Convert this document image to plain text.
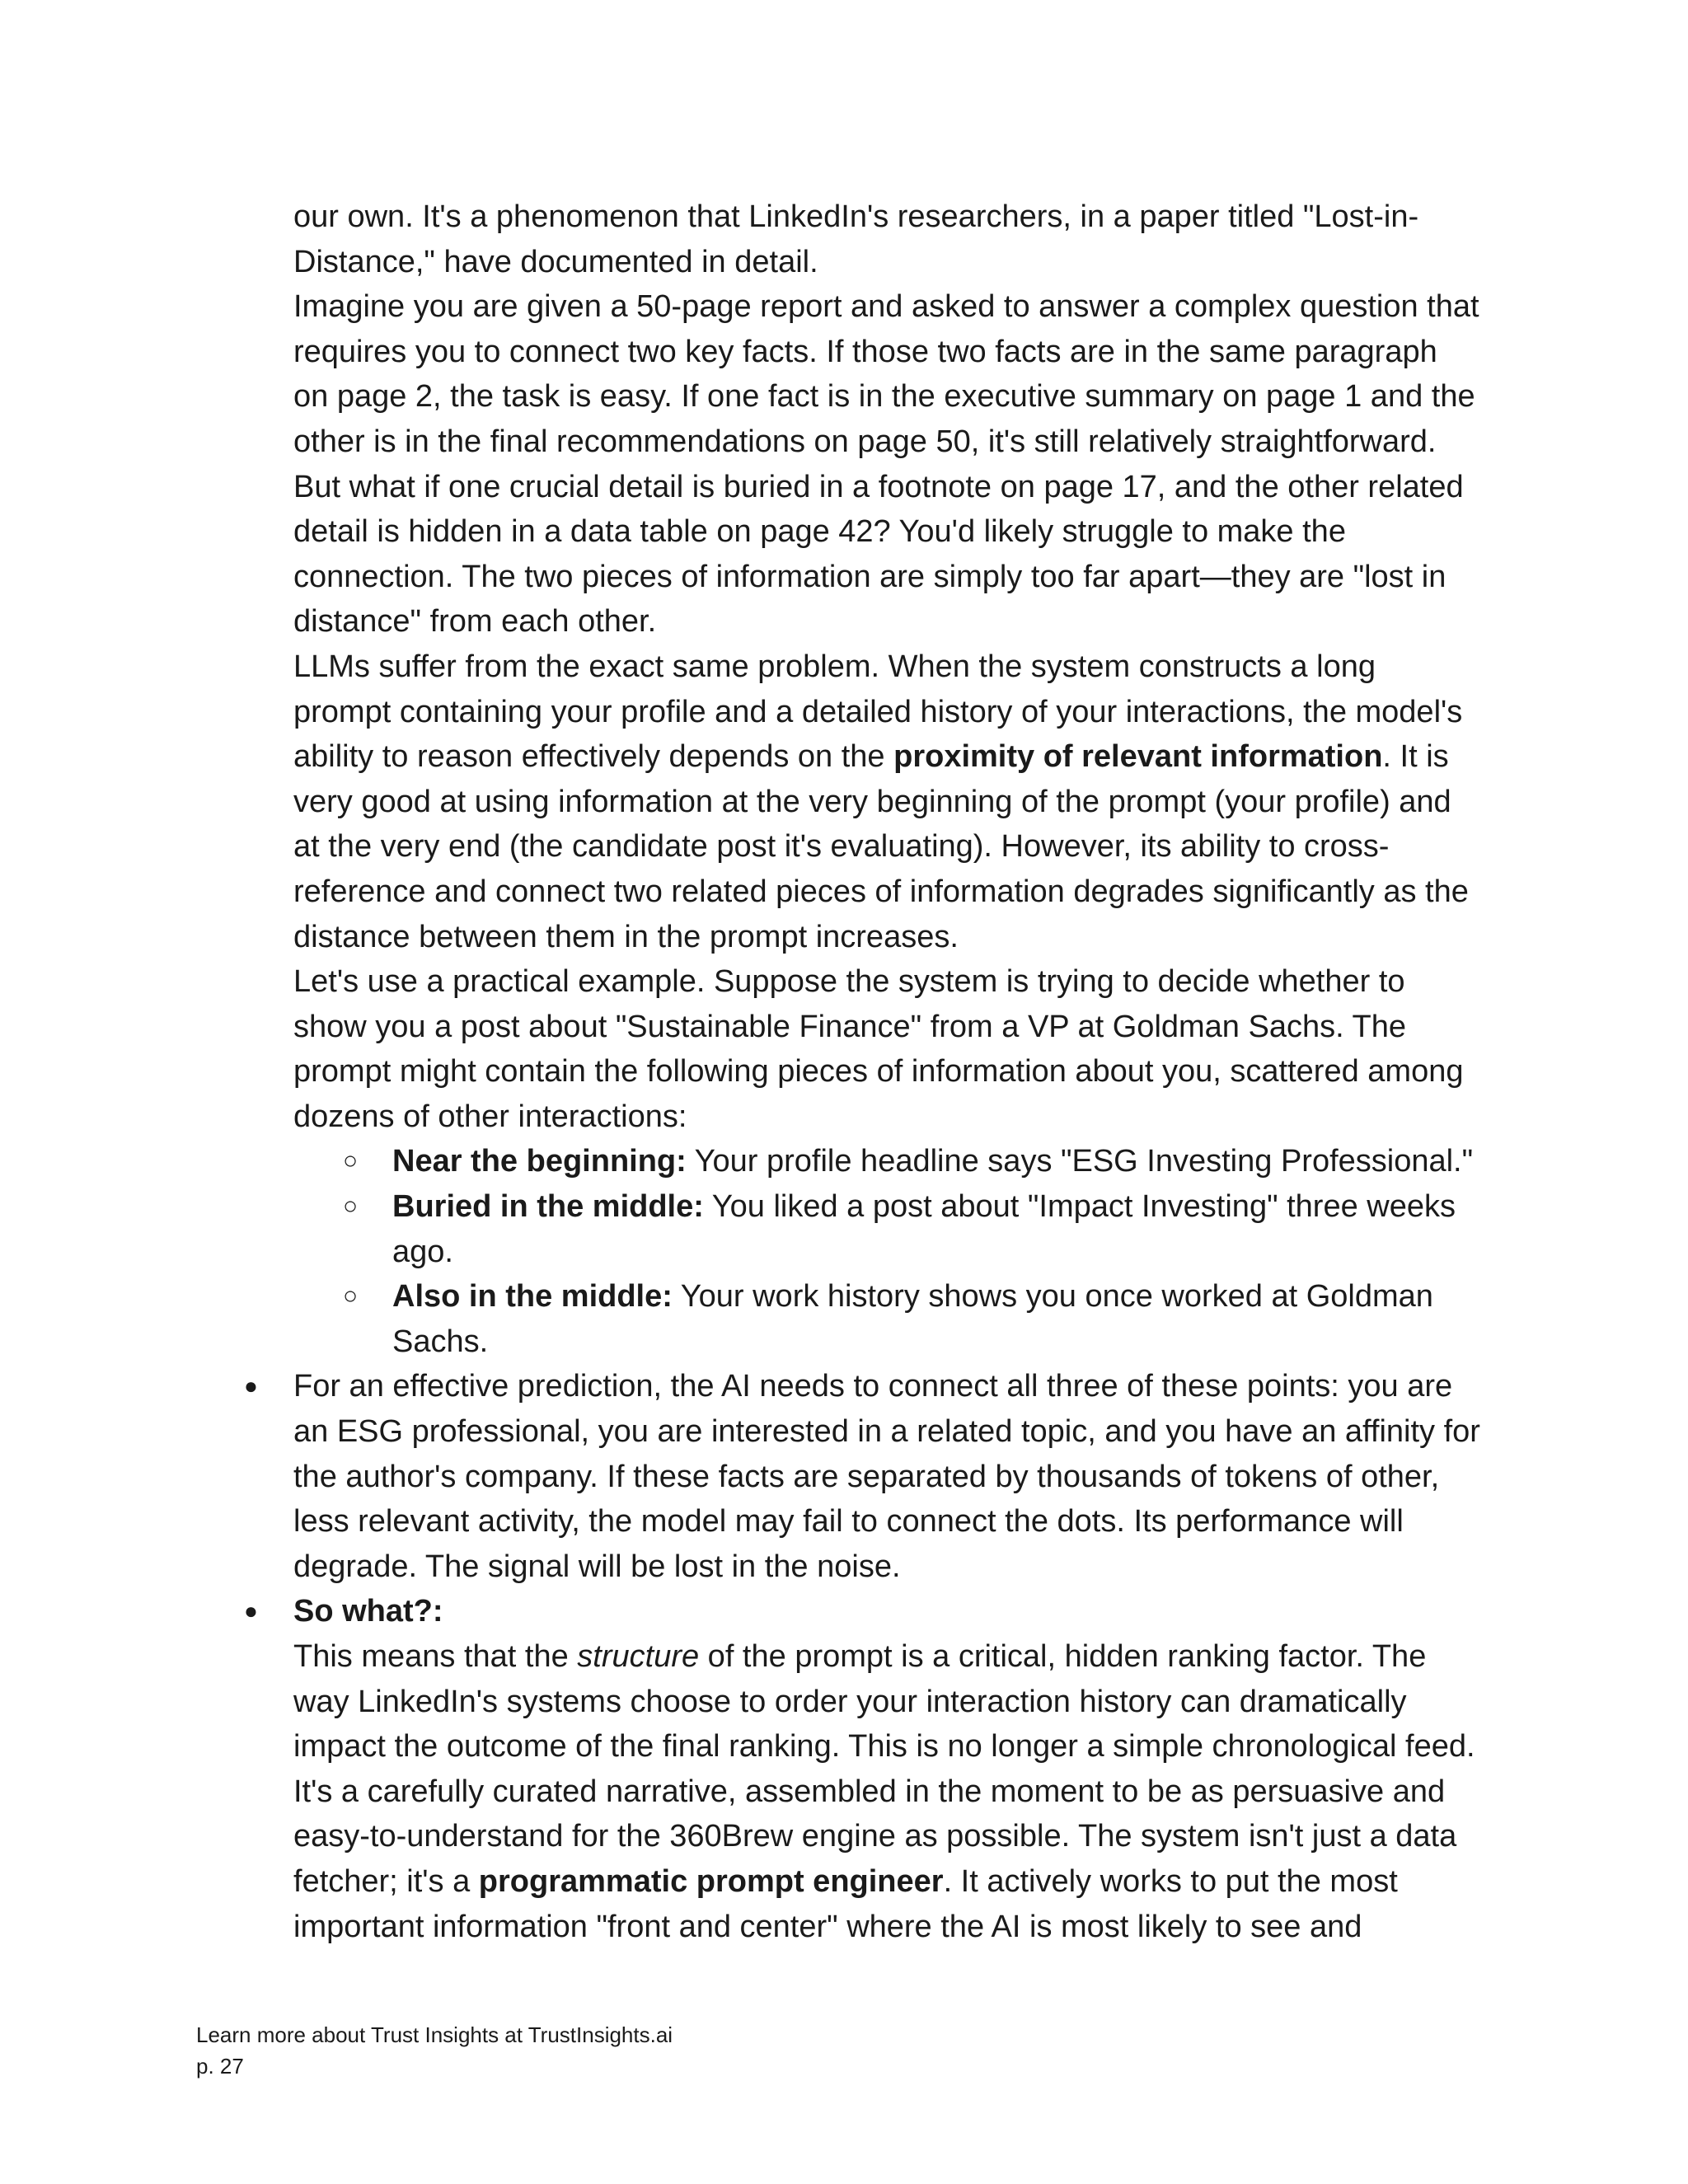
our own. It's a phenomenon that LinkedIn's researchers, in a paper titled "Lost-in-Distance," have documented in detail.

Imagine you are given a 50-page report and asked to answer a complex question that requires you to connect two key facts. If those two facts are in the same paragraph on page 2, the task is easy. If one fact is in the executive summary on page 1 and the other is in the final recommendations on page 50, it's still relatively straightforward. But what if one crucial detail is buried in a footnote on page 17, and the other related detail is hidden in a data table on page 42? You'd likely struggle to make the connection. The two pieces of information are simply too far apart—they are "lost in distance" from each other.

LLMs suffer from the exact same problem. When the system constructs a long prompt containing your profile and a detailed history of your interactions, the model's ability to reason effectively depends on the proximity of relevant information. It is very good at using information at the very beginning of the prompt (your profile) and at the very end (the candidate post it's evaluating). However, its ability to cross-reference and connect two related pieces of information degrades significantly as the distance between them in the prompt increases.

Let's use a practical example. Suppose the system is trying to decide whether to show you a post about "Sustainable Finance" from a VP at Goldman Sachs. The prompt might contain the following pieces of information about you, scattered among dozens of other interactions:

○ Near the beginning: Your profile headline says "ESG Investing Professional."
○ Buried in the middle: You liked a post about "Impact Investing" three weeks ago.
○ Also in the middle: Your work history shows you once worked at Goldman Sachs.
● For an effective prediction, the AI needs to connect all three of these points: you are an ESG professional, you are interested in a related topic, and you have an affinity for the author's company. If these facts are separated by thousands of tokens of other, less relevant activity, the model may fail to connect the dots. Its performance will degrade. The signal will be lost in the noise.
● So what?:

This means that the structure of the prompt is a critical, hidden ranking factor. The way LinkedIn's systems choose to order your interaction history can dramatically impact the outcome of the final ranking. This is no longer a simple chronological feed. It's a carefully curated narrative, assembled in the moment to be as persuasive and easy-to-understand for the 360Brew engine as possible. The system isn't just a data fetcher; it's a programmatic prompt engineer. It actively works to put the most important information "front and center" where the AI is most likely to see and

Learn more about Trust Insights at TrustInsights.ai
p. 27
